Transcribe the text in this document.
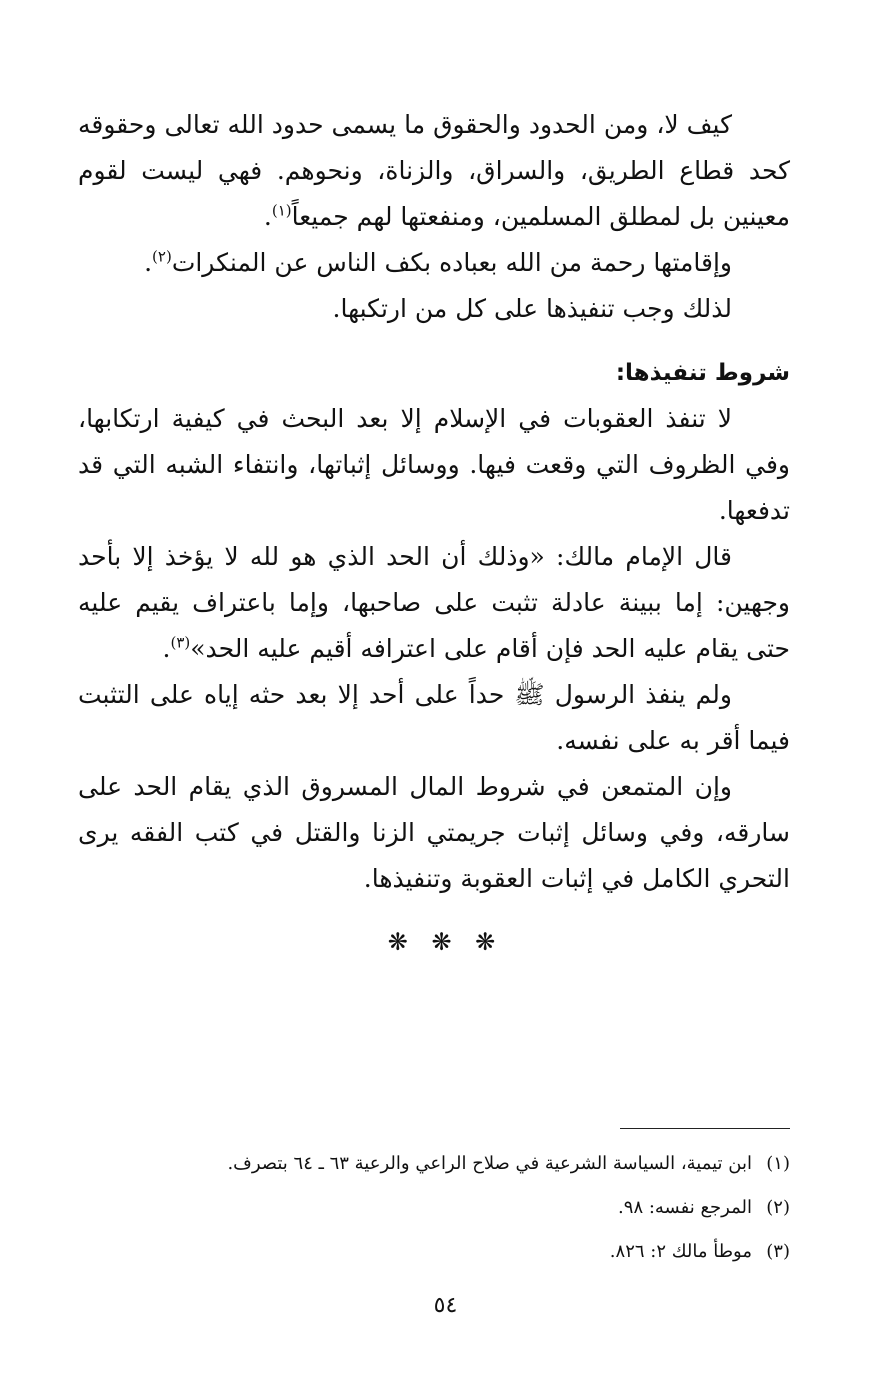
كيف لا، ومن الحدود والحقوق ما يسمى حدود الله تعالى وحقوقه كحد قطاع الطريق، والسراق، والزناة، ونحوهم. فهي ليست لقوم معينين بل لمطلق المسلمين، ومنفعتها لهم جميعاً$^{(١)}$.

وإقامتها رحمة من الله بعباده بكف الناس عن المنكرات$^{(٢)}$.

لذلك وجب تنفيذها على كل من ارتكبها.

شروط تنفيذها:

لا تنفذ العقوبات في الإسلام إلا بعد البحث في كيفية ارتكابها، وفي الظروف التي وقعت فيها. ووسائل إثباتها، وانتفاء الشبه التي قد تدفعها.

قال الإمام مالك: «وذلك أن الحد الذي هو لله لا يؤخذ إلا بأحد وجهين: إما ببينة عادلة تثبت على صاحبها، وإما باعتراف يقيم عليه حتى يقام عليه الحد فإن أقام على اعترافه أقيم عليه الحد»$^{(٣)}$.

ولم ينفذ الرسول ﷺ حداً على أحد إلا بعد حثه إياه على التثبت فيما أقر به على نفسه.

وإن المتمعن في شروط المال المسروق الذي يقام الحد على سارقه، وفي وسائل إثبات جريمتي الزنا والقتل في كتب الفقه يرى التحري الكامل في إثبات العقوبة وتنفيذها.

❋ ❋ ❋

(١)ابن تيمية، السياسة الشرعية في صلاح الراعي والرعية ٦٣ ـ ٦٤ بتصرف.

(٢)المرجع نفسه: ٩٨.

(٣)موطأ مالك ٢: ٨٢٦.

٥٤
